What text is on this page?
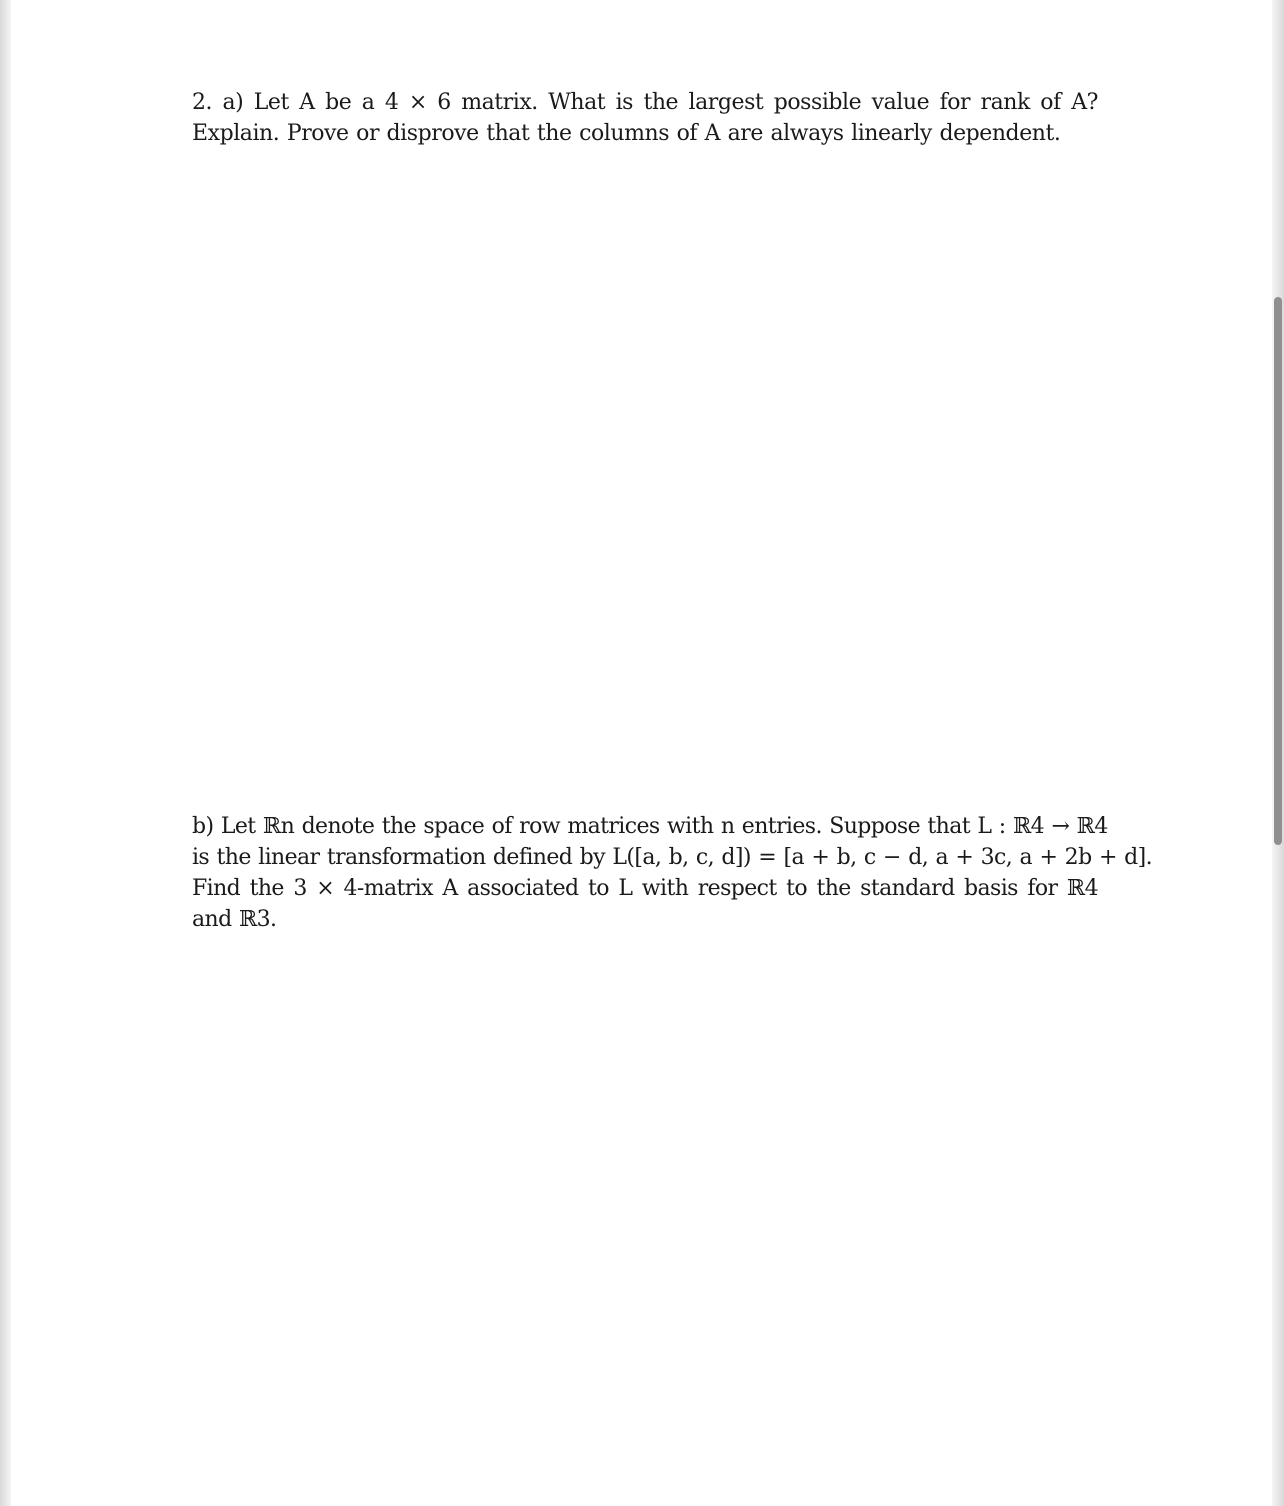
2. a) Let A be a 4 × 6 matrix. What is the largest possible value for rank of A?
Explain. Prove or disprove that the columns of A are always linearly dependent.
b) Let ℝn denote the space of row matrices with n entries. Suppose that L : ℝ4 → ℝ4
is the linear transformation defined by L([a, b, c, d]) = [a + b, c − d, a + 3c, a + 2b + d].
Find the 3 × 4-matrix A associated to L with respect to the standard basis for ℝ4
and ℝ3.
